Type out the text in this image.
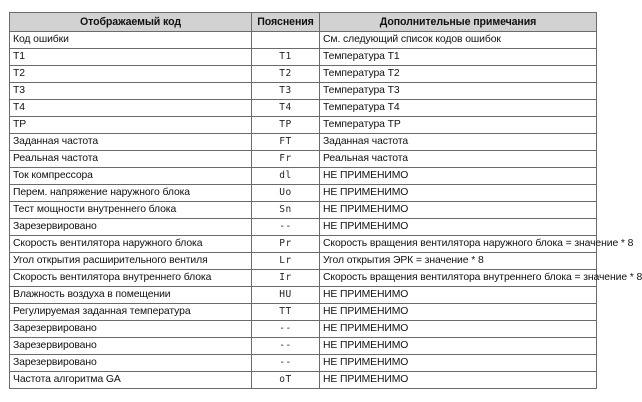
Отображаемый код	Пояснения	Дополнительные примечания
Код ошибки		См. следующий список кодов ошибок
T1	T1	Температура T1
T2	T2	Температура T2
T3	T3	Температура T3
T4	T4	Температура T4
TP	TP	Температура TP
Заданная частота	FT	Заданная частота
Реальная частота	Fr	Реальная частота
Ток компрессора	dl	НЕ ПРИМЕНИМО
Перем. напряжение наружного блока	Uo	НЕ ПРИМЕНИМО
Тест мощности внутреннего блока	Sn	НЕ ПРИМЕНИМО
Зарезервировано	--	НЕ ПРИМЕНИМО
Скорость вентилятора наружного блока	Pr	Скорость вращения вентилятора наружного блока = значение * 8
Угол открытия расширительного вентиля	Lr	Угол открытия ЭРК = значение * 8
Скорость вентилятора внутреннего блока	Ir	Скорость вращения вентилятора внутреннего блока = значение * 8
Влажность воздуха в помещении	HU	НЕ ПРИМЕНИМО
Регулируемая заданная температура	TT	НЕ ПРИМЕНИМО
Зарезервировано	--	НЕ ПРИМЕНИМО
Зарезервировано	--	НЕ ПРИМЕНИМО
Зарезервировано	--	НЕ ПРИМЕНИМО
Частота алгоритма GA	oT	НЕ ПРИМЕНИМО
